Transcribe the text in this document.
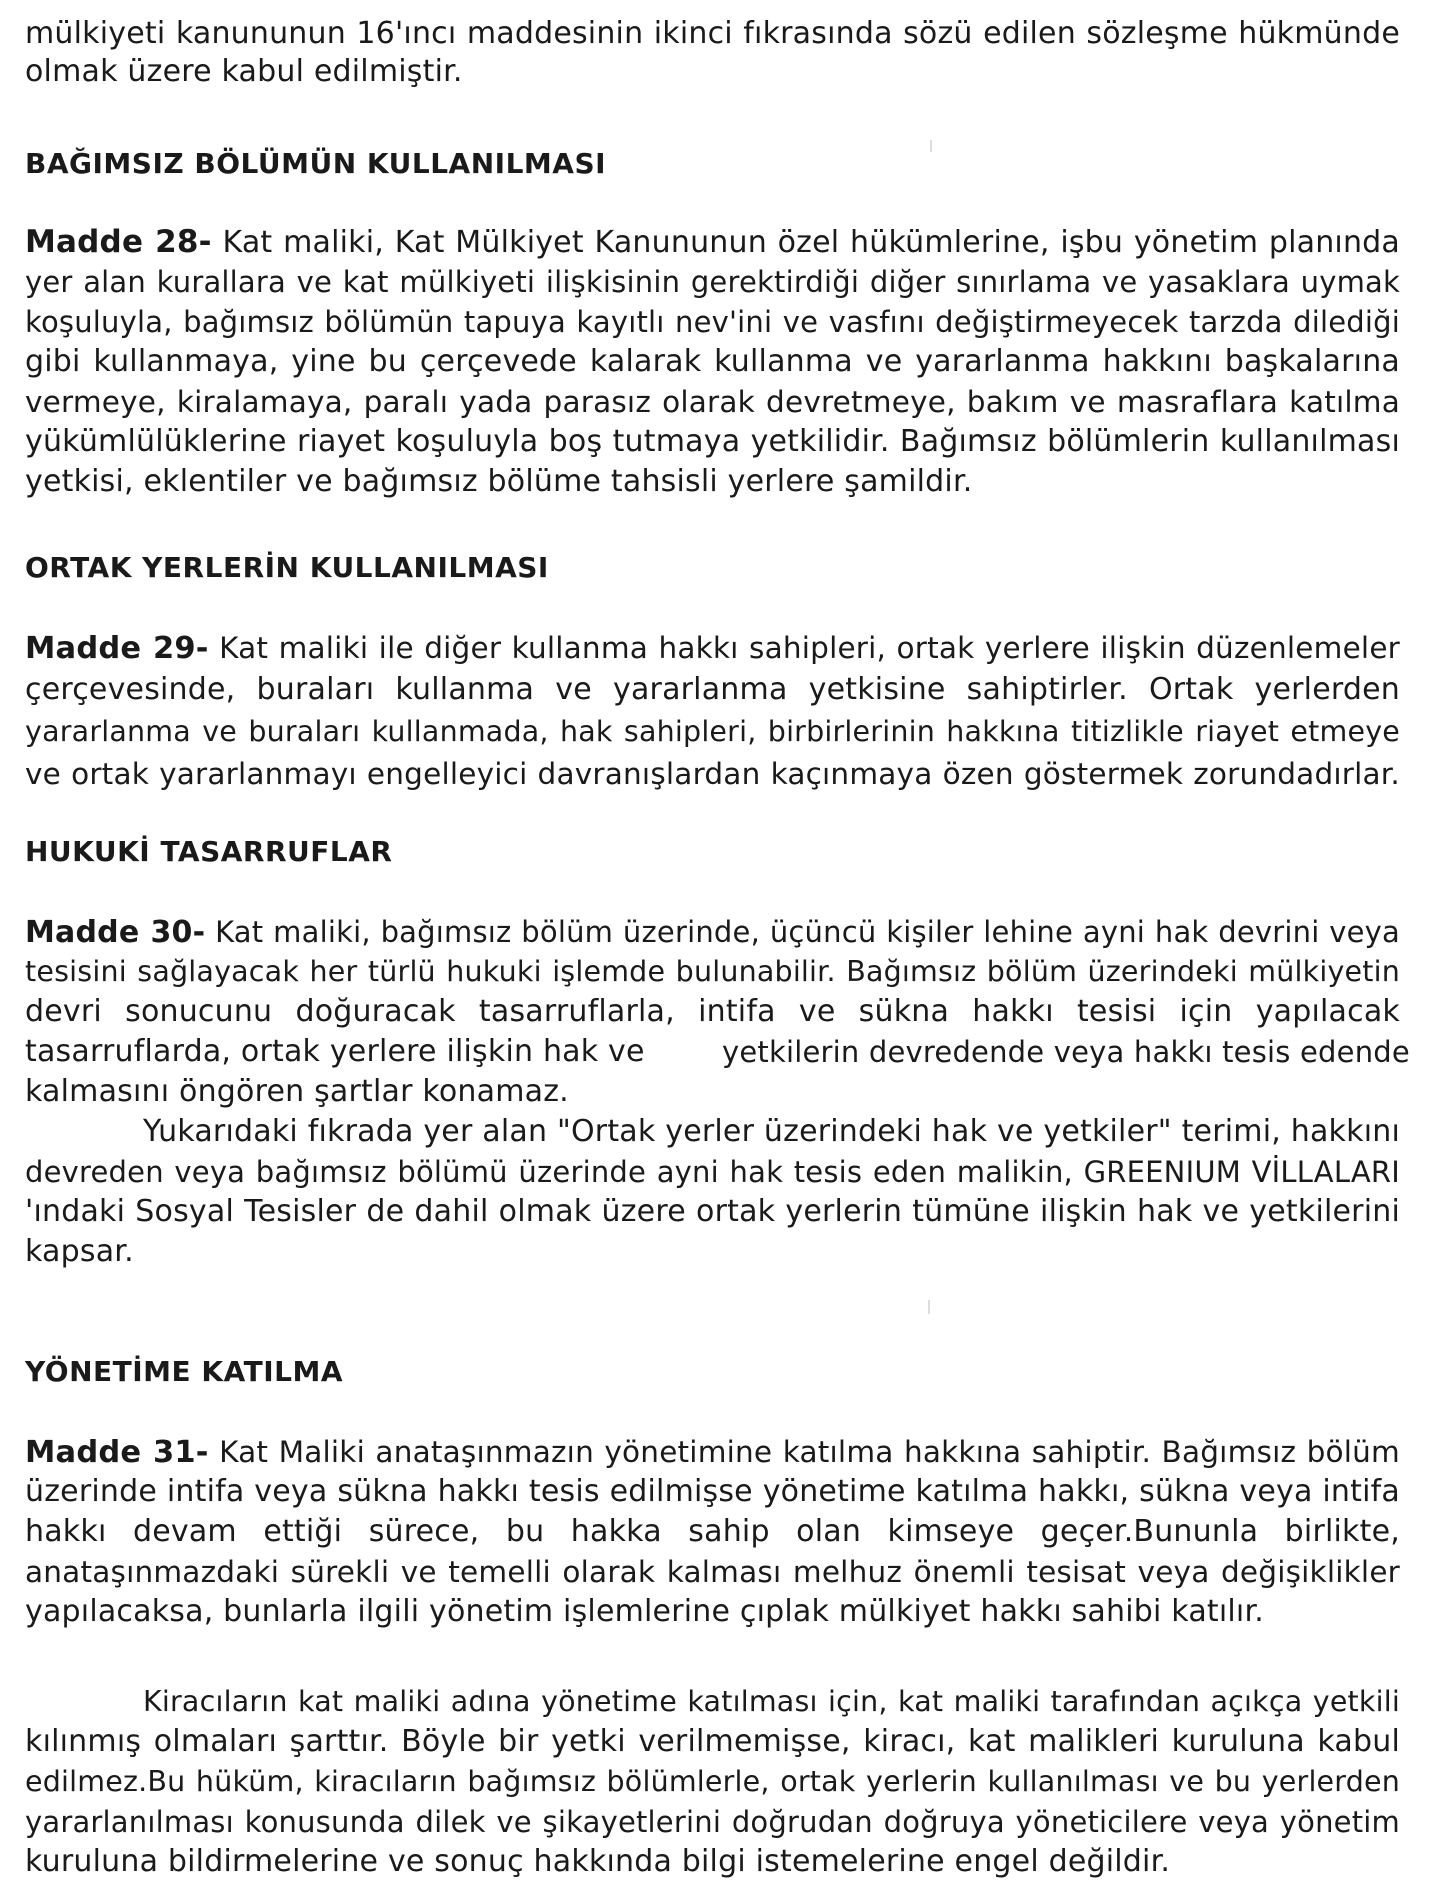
mülkiyeti kanununun 16'ıncı maddesinin ikinci fıkrasında sözü edilen sözleşme hükmünde
olmak üzere kabul edilmiştir.
BAĞIMSIZ BÖLÜMÜN KULLANILMASI
Madde 28- Kat maliki, Kat Mülkiyet Kanununun özel hükümlerine, işbu yönetim planında
yer alan kurallara ve kat mülkiyeti ilişkisinin gerektirdiği diğer sınırlama ve yasaklara uymak
koşuluyla, bağımsız bölümün tapuya kayıtlı nev'ini ve vasfını değiştirmeyecek tarzda dilediği
gibi kullanmaya, yine bu çerçevede kalarak kullanma ve yararlanma hakkını başkalarına
vermeye, kiralamaya, paralı yada parasız olarak devretmeye, bakım ve masraflara katılma
yükümlülüklerine riayet koşuluyla boş tutmaya yetkilidir. Bağımsız bölümlerin kullanılması
yetkisi, eklentiler ve bağımsız bölüme tahsisli yerlere şamildir.
ORTAK YERLERİN KULLANILMASI
Madde 29- Kat maliki ile diğer kullanma hakkı sahipleri, ortak yerlere ilişkin düzenlemeler
çerçevesinde, buraları kullanma ve yararlanma yetkisine sahiptirler. Ortak yerlerden
yararlanma ve buraları kullanmada, hak sahipleri, birbirlerinin hakkına titizlikle riayet etmeye
ve ortak yararlanmayı engelleyici davranışlardan kaçınmaya özen göstermek zorundadırlar.
HUKUKİ TASARRUFLAR
Madde 30- Kat maliki, bağımsız bölüm üzerinde, üçüncü kişiler lehine ayni hak devrini veya
tesisini sağlayacak her türlü hukuki işlemde bulunabilir. Bağımsız bölüm üzerindeki mülkiyetin
devri sonucunu doğuracak tasarruflarla, intifa ve sükna hakkı tesisi için yapılacak
tasarruflarda, ortak yerlere ilişkin hak ve	yetkilerin devredende veya hakkı tesis edende
kalmasını öngören şartlar konamaz.
Yukarıdaki fıkrada yer alan "Ortak yerler üzerindeki hak ve yetkiler" terimi, hakkını
devreden veya bağımsız bölümü üzerinde ayni hak tesis eden malikin, GREENIUM VİLLALARI
'ındaki Sosyal Tesisler de dahil olmak üzere ortak yerlerin tümüne ilişkin hak ve yetkilerini
kapsar.
YÖNETİME KATILMA
Madde 31- Kat Maliki anataşınmazın yönetimine katılma hakkına sahiptir. Bağımsız bölüm
üzerinde intifa veya sükna hakkı tesis edilmişse yönetime katılma hakkı, sükna veya intifa
hakkı devam ettiği sürece, bu hakka sahip olan kimseye geçer.Bununla birlikte,
anataşınmazdaki sürekli ve temelli olarak kalması melhuz önemli tesisat veya değişiklikler
yapılacaksa, bunlarla ilgili yönetim işlemlerine çıplak mülkiyet hakkı sahibi katılır.
Kiracıların kat maliki adına yönetime katılması için, kat maliki tarafından açıkça yetkili
kılınmış olmaları şarttır. Böyle bir yetki verilmemişse, kiracı, kat malikleri kuruluna kabul
edilmez.Bu hüküm, kiracıların bağımsız bölümlerle, ortak yerlerin kullanılması ve bu yerlerden
yararlanılması konusunda dilek ve şikayetlerini doğrudan doğruya yöneticilere veya yönetim
kuruluna bildirmelerine ve sonuç hakkında bilgi istemelerine engel değildir.
